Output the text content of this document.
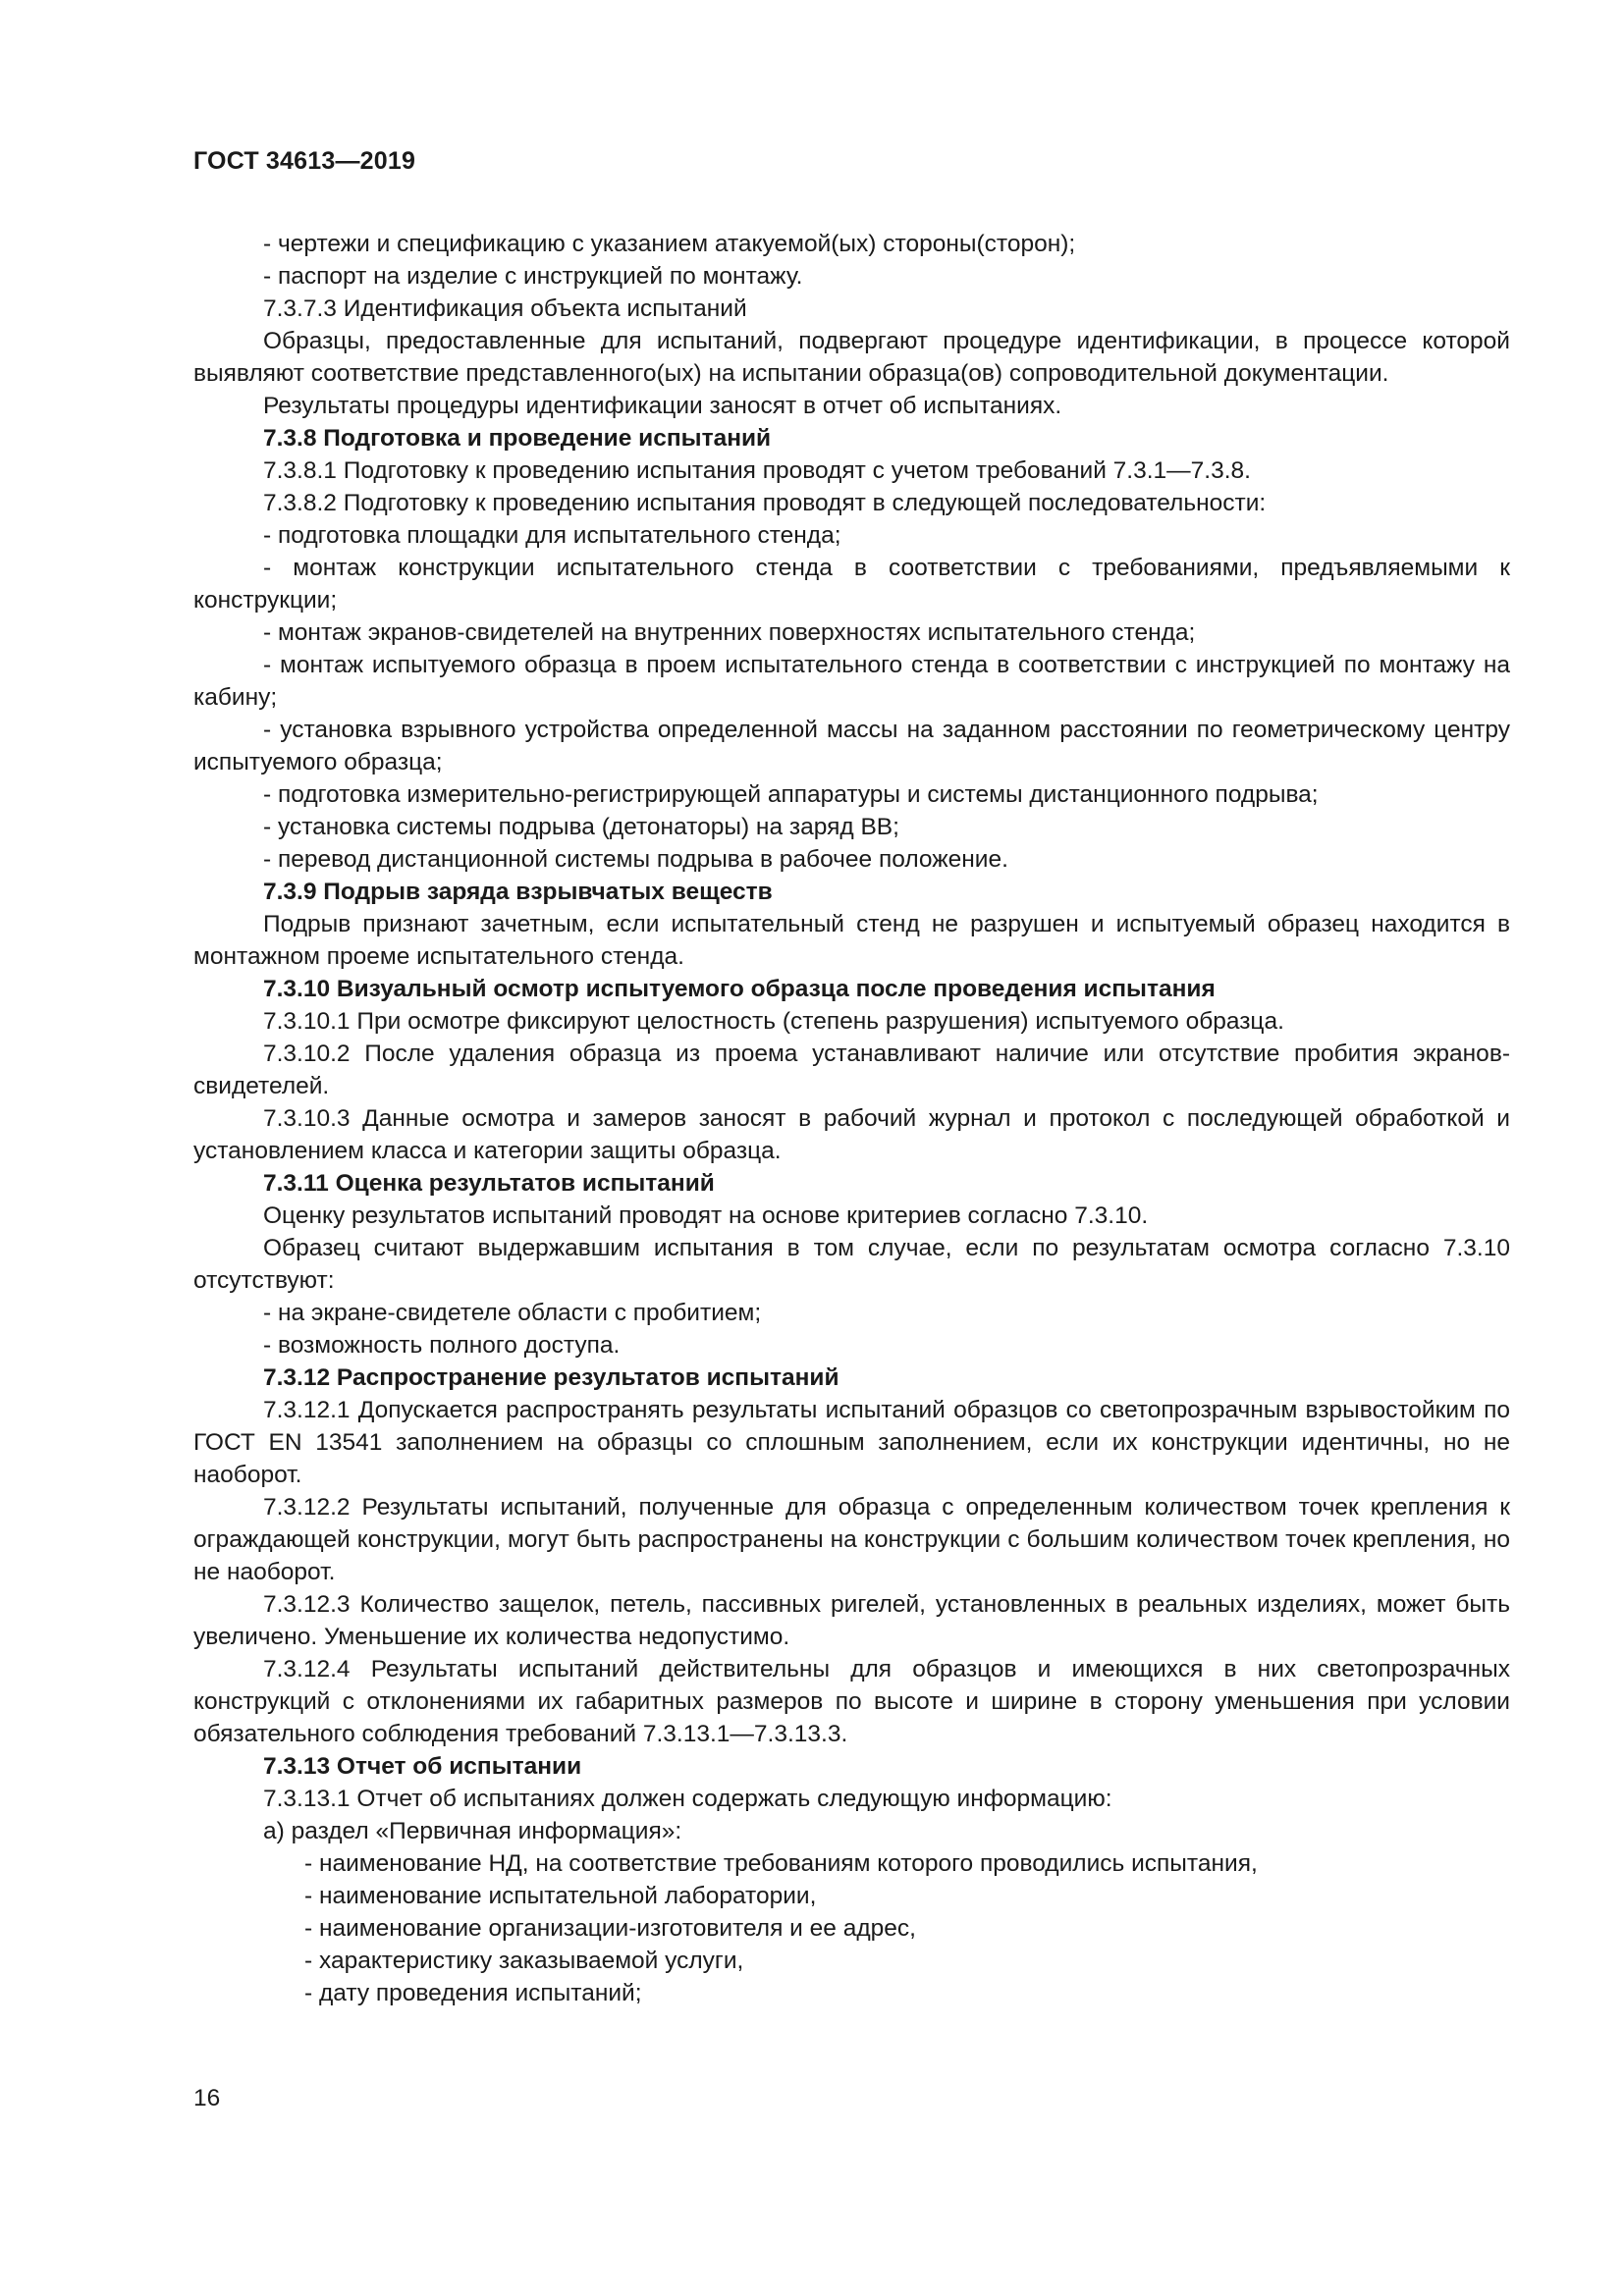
ГОСТ 34613—2019

- чертежи и спецификацию с указанием атакуемой(ых) стороны(сторон);

- паспорт на изделие с инструкцией по монтажу.

7.3.7.3 Идентификация объекта испытаний

Образцы, предоставленные для испытаний, подвергают процедуре идентификации, в процессе которой выявляют соответствие представленного(ых) на испытании образца(ов) сопроводительной документации.

Результаты процедуры идентификации заносят в отчет об испытаниях.

7.3.8 Подготовка и проведение испытаний

7.3.8.1 Подготовку к проведению испытания проводят с учетом требований 7.3.1—7.3.8.

7.3.8.2 Подготовку к проведению испытания проводят в следующей последовательности:

- подготовка площадки для испытательного стенда;

- монтаж конструкции испытательного стенда в соответствии с требованиями, предъявляемыми к конструкции;

- монтаж экранов-свидетелей на внутренних поверхностях испытательного стенда;

- монтаж испытуемого образца в проем испытательного стенда в соответствии с инструкцией по монтажу на кабину;

- установка взрывного устройства определенной массы на заданном расстоянии по геометрическому центру испытуемого образца;

- подготовка измерительно-регистрирующей аппаратуры и системы дистанционного подрыва;

- установка системы подрыва (детонаторы) на заряд ВВ;

- перевод дистанционной системы подрыва в рабочее положение.

7.3.9 Подрыв заряда взрывчатых веществ

Подрыв признают зачетным, если испытательный стенд не разрушен и испытуемый образец находится в монтажном проеме испытательного стенда.

7.3.10 Визуальный осмотр испытуемого образца после проведения испытания

7.3.10.1 При осмотре фиксируют целостность (степень разрушения) испытуемого образца.

7.3.10.2 После удаления образца из проема устанавливают наличие или отсутствие пробития экранов-свидетелей.

7.3.10.3 Данные осмотра и замеров заносят в рабочий журнал и протокол с последующей обработкой и установлением класса и категории защиты образца.

7.3.11 Оценка результатов испытаний

Оценку результатов испытаний проводят на основе критериев согласно 7.3.10.

Образец считают выдержавшим испытания в том случае, если по результатам осмотра согласно 7.3.10 отсутствуют:

- на экране-свидетеле области с пробитием;

- возможность полного доступа.

7.3.12 Распространение результатов испытаний

7.3.12.1 Допускается распространять результаты испытаний образцов со светопрозрачным взрывостойким по ГОСТ EN 13541 заполнением на образцы со сплошным заполнением, если их конструкции идентичны, но не наоборот.

7.3.12.2 Результаты испытаний, полученные для образца с определенным количеством точек крепления к ограждающей конструкции, могут быть распространены на конструкции с большим количеством точек крепления, но не наоборот.

7.3.12.3 Количество защелок, петель, пассивных ригелей, установленных в реальных изделиях, может быть увеличено. Уменьшение их количества недопустимо.

7.3.12.4 Результаты испытаний действительны для образцов и имеющихся в них светопрозрачных конструкций с отклонениями их габаритных размеров по высоте и ширине в сторону уменьшения при условии обязательного соблюдения требований 7.3.13.1—7.3.13.3.

7.3.13 Отчет об испытании

7.3.13.1 Отчет об испытаниях должен содержать следующую информацию:

а) раздел «Первичная информация»:

- наименование НД, на соответствие требованиям которого проводились испытания,

- наименование испытательной лаборатории,

- наименование организации-изготовителя и ее адрес,

- характеристику заказываемой услуги,

- дату проведения испытаний;

16
